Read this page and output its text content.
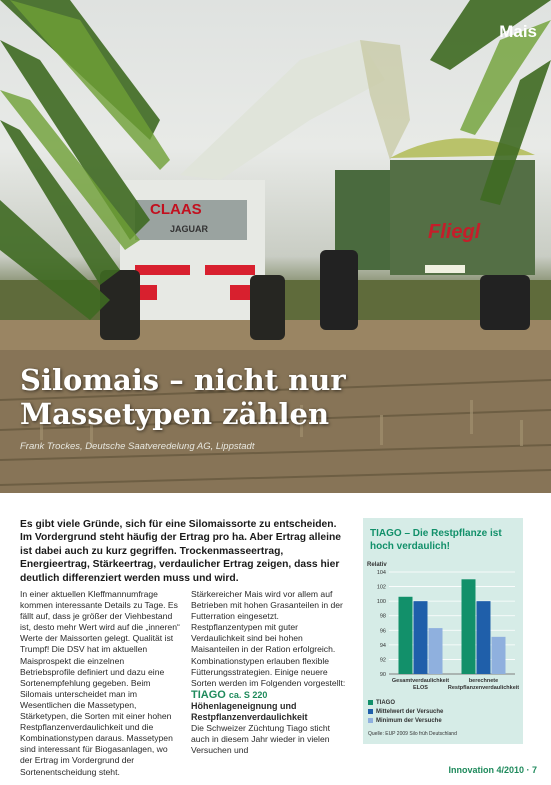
CLAAS
JAGUAR	Fliegl
Mais
Silomais – nicht nur Massetypen zählen
Frank Trockes, Deutsche Saatveredelung AG, Lippstadt
Es gibt viele Gründe, sich für eine Silomaissorte zu entscheiden. Im Vordergrund steht häufig der Ertrag pro ha. Aber Ertrag alleine ist dabei auch zu kurz gegriffen. Trockenmasseertrag, Energieertrag, Stärkeertrag, verdaulicher Ertrag zeigen, dass hier deutlich differenziert werden muss und wird.

In einer aktuellen Kleffmannumfrage kommen interessante Details zu Tage. Es fällt auf, dass je größer der Viehbestand ist, desto mehr Wert wird auf die „inneren“ Werte der Maissorten gelegt. Qualität ist Trumpf! Die DSV hat im aktuellen Maisprospekt die einzelnen Betriebsprofile definiert und dazu eine Sortenempfehlung gegeben. Beim Silomais unterscheidet man im Wesentlichen die Massetypen, Stärketypen, die Sorten mit einer hohen Restpflanzenverdaulichkeit und die Kombinationstypen daraus. Massetypen sind interessant für Biogasanlagen, wo der Ertrag im Vordergrund der Sortenentscheidung steht.

Stärkereicher Mais wird vor allem auf Betrieben mit hohen Grasanteilen in der Futterration eingesetzt. Restpflanzentypen mit guter Verdaulichkeit sind bei hohen Maisanteilen in der Ration erfolgreich. Kombinationstypen erlauben flexible Fütterungsstrategien. Einige neuere Sorten werden im Folgenden vorgestellt:

TIAGO ca. S 220

Höhenlageneignung und Restpflanzenverdaulichkeit

Die Schweizer Züchtung Tiago sticht auch in diesem Jahr wieder in vielen Versuchen und

TIAGO – Die Restpflanze ist hoch verdaulich!
Relativ
90
92
94
96
98
100
102
104
Gesamtverdaulichkeit ELOS
berechnete Restpflanzenverdaulichkeit
TIAGO
Mittelwert der Versuche
Minimum der Versuche
Quelle: EUP 2009 Silo früh Deutschland
Innovation 4/2010 · 7
